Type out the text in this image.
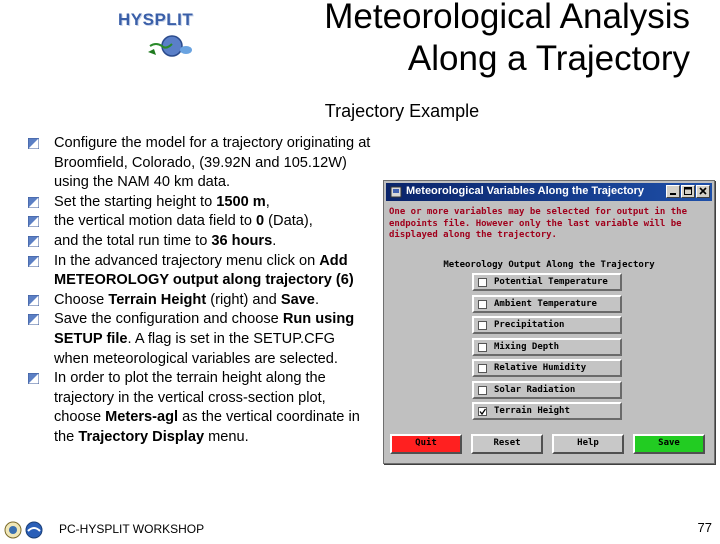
HYSPLIT	Meteorological Analysis
Along a Trajectory
Trajectory Example
Configure the model for a trajectory originating at Broomfield, Colorado, (39.92N and 105.12W) using the NAM 40 km data.
Set the starting height to 1500 m,
the vertical motion data field to 0 (Data),
and the total run time to 36 hours.
In the advanced trajectory menu click on Add METEOROLOGY output along trajectory (6)
Choose Terrain Height (right) and Save.
Save the configuration and choose Run using SETUP file. A flag is set in the SETUP.CFG when meteorological variables are selected.
In order to plot the terrain height along the trajectory in the vertical cross-section plot, choose Meters-agl as the vertical coordinate in the Trajectory Display menu.
Meteorological Variables Along the Trajectory
One or more variables may be selected for output in the
endpoints file. However only the last variable will be
displayed along the trajectory.
Meteorology Output Along the Trajectory
Potential Temperature
Ambient Temperature
Precipitation
Mixing Depth
Relative Humidity
Solar Radiation
Terrain Height
Quit	Reset	Help	Save
PC-HYSPLIT WORKSHOP	77
